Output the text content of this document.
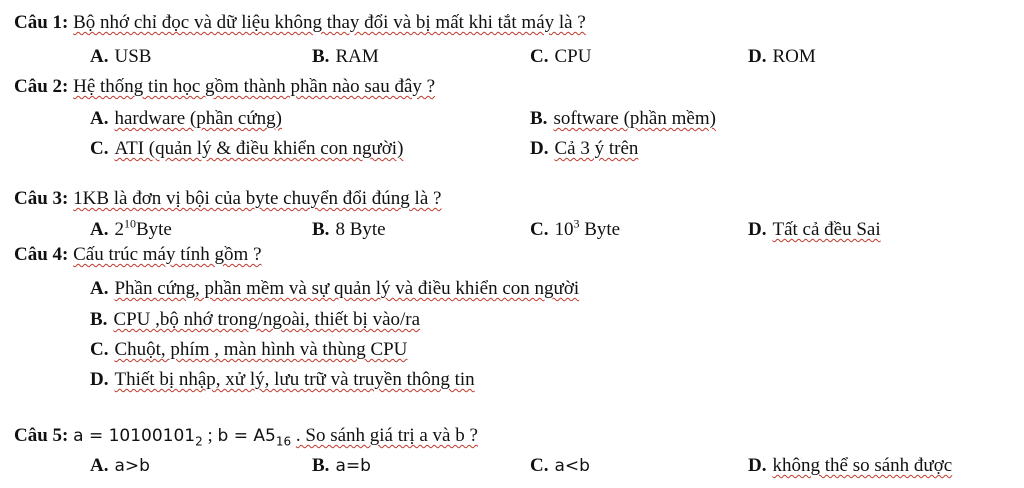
Câu 1: Bộ nhớ chỉ đọc và dữ liệu không thay đổi và bị mất khi tắt máy là ?
A. USB	B. RAM	C. CPU	D. ROM
Câu 2: Hệ thống tin học gồm thành phần nào sau đây ?
A. hardware (phần cứng)	B. software (phần mềm)
C. ATI (quản lý & điều khiển con người)	D. Cả 3 ý trên
Câu 3: 1KB là đơn vị bội của byte chuyển đổi đúng là ?
A. $2^{10}Byte$	B. 8 Byte	C. $10^3$ Byte	D. Tất cả đều Sai
Câu 4: Cấu trúc máy tính gồm ?
A. Phần cứng, phần mềm và sự quản lý và điều khiển con người
B. CPU ,bộ nhớ trong/ngoài, thiết bị vào/ra
C. Chuột, phím , màn hình và thùng CPU
D. Thiết bị nhập, xử lý, lưu trữ và truyền thông tin
Câu 5: $a = 10100101_2$ ; $b = A5_{16}$ . So sánh giá trị a và b ?
A. a>b	B. a=b	C. a<b	D. không thể so sánh được
